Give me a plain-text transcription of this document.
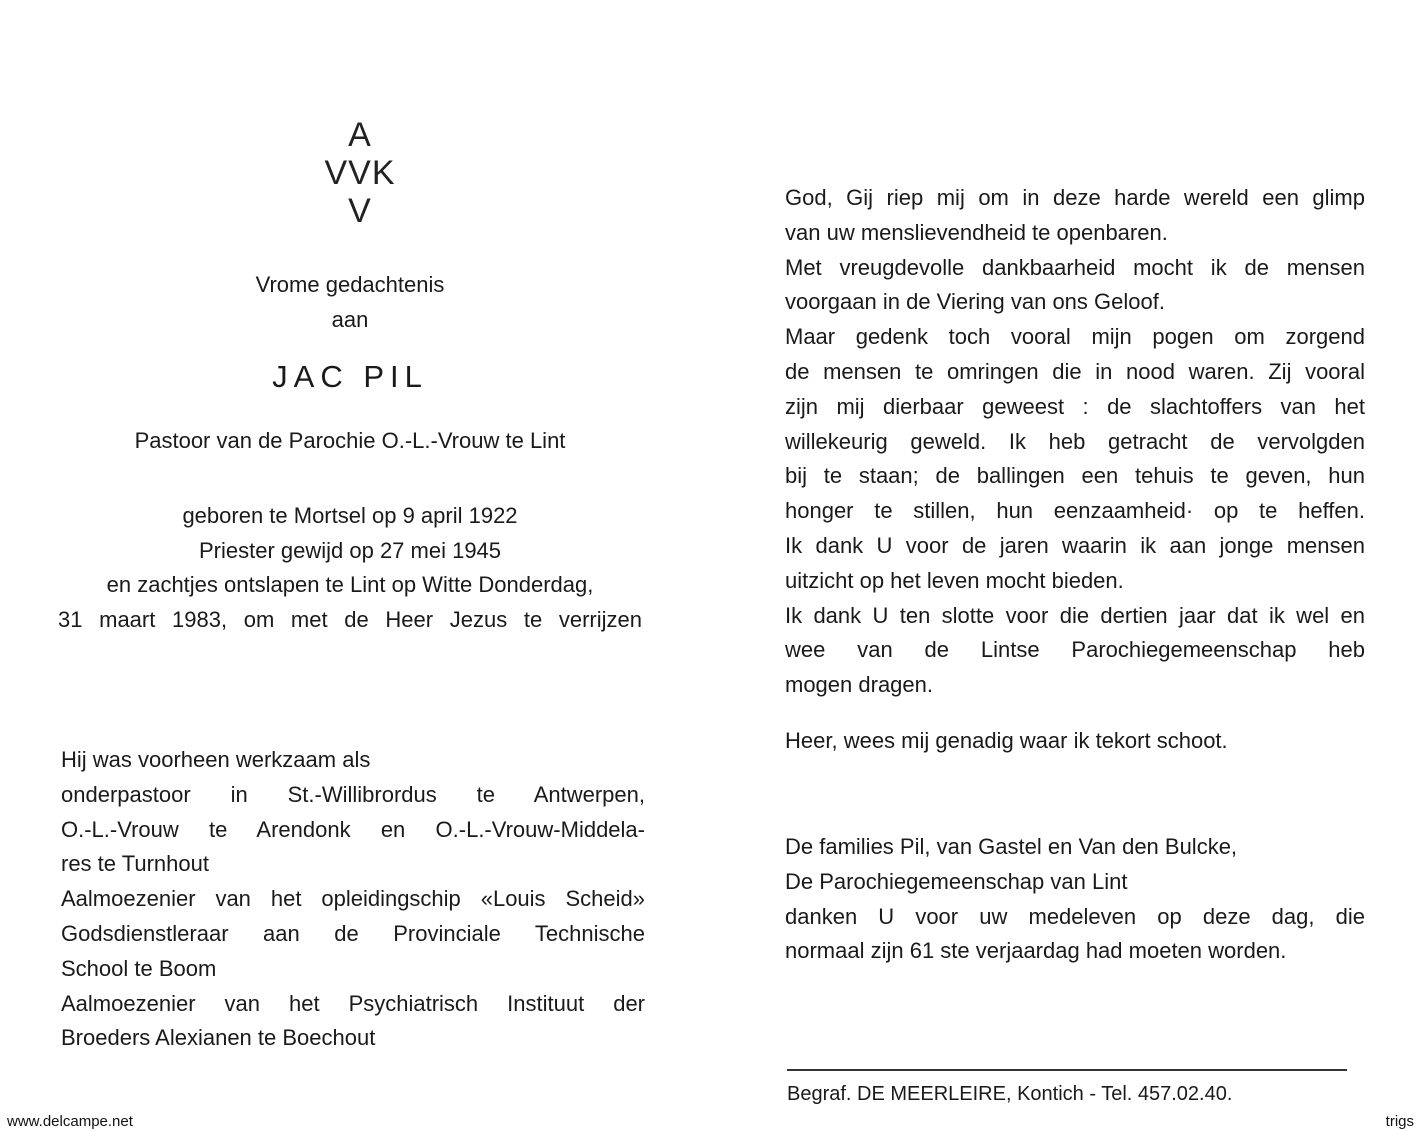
A
VVK
V
Vrome gedachtenis
aan
JAC PIL
Pastoor van de Parochie O.-L.-Vrouw te Lint
geboren te Mortsel op 9 april 1922
Priester gewijd op 27 mei 1945
en zachtjes ontslapen te Lint op Witte Donderdag,
31 maart 1983, om met de Heer Jezus te verrijzen
Hij was voorheen werkzaam als
onderpastoor in St.-Willibrordus te Antwerpen,
O.-L.-Vrouw te Arendonk en O.-L.-Vrouw-Middela-
res te Turnhout
Aalmoezenier van het opleidingschip «Louis Scheid»
Godsdienstleraar aan de Provinciale Technische
School te Boom
Aalmoezenier van het Psychiatrisch Instituut der
Broeders Alexianen te Boechout
God, Gij riep mij om in deze harde wereld een glimp
van uw menslievendheid te openbaren.
Met vreugdevolle dankbaarheid mocht ik de mensen
voorgaan in de Viering van ons Geloof.
Maar gedenk toch vooral mijn pogen om zorgend
de mensen te omringen die in nood waren. Zij vooral
zijn mij dierbaar geweest : de slachtoffers van het
willekeurig geweld. Ik heb getracht de vervolgden
bij te staan; de ballingen een tehuis te geven, hun
honger te stillen, hun eenzaamheid· op te heffen.
Ik dank U voor de jaren waarin ik aan jonge mensen
uitzicht op het leven mocht bieden.
Ik dank U ten slotte voor die dertien jaar dat ik wel en
wee van de Lintse Parochiegemeenschap heb
mogen dragen.
Heer, wees mij genadig waar ik tekort schoot.
De families Pil, van Gastel en Van den Bulcke,
De Parochiegemeenschap van Lint
danken U voor uw medeleven op deze dag, die
normaal zijn 61 ste verjaardag had moeten worden.
Begraf. DE MEERLEIRE, Kontich - Tel. 457.02.40.
www.delcampe.net	trigs
